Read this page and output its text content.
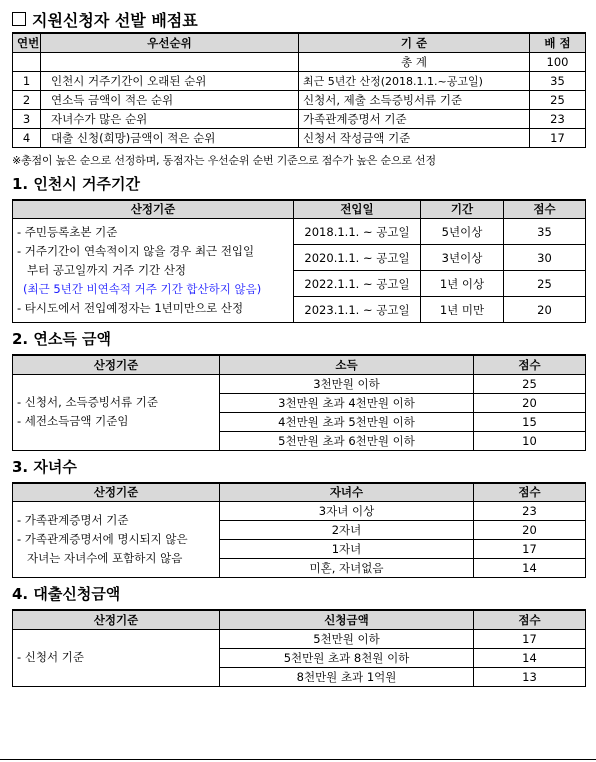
지원신청자 선발 배점표
연번	우선순위	기 준	배 점
		총 계	100
1	인천시 거주기간이 오래된 순위	최근 5년간 산정(2018.1.1.~공고일)	35
2	연소득 금액이 적은 순위	신청서, 제출 소득증빙서류 기준	25
3	자녀수가 많은 순위	가족관계증명서 기준	23
4	대출 신청(희망)금액이 적은 순위	신청서 작성금액 기준	17

※총점이 높은 순으로 선정하며, 동점자는 우선순위 순번 기준으로 점수가 높은 순으로 선정

1. 인천시 거주기간
산정기준	전입일	기간	점수

- 주민등록초본 기준
- 거주기간이 연속적이지 않을 경우 최근 전입일
부터 공고일까지 거주 기간 산정
(최근 5년간 비연속적 거주 기간 합산하지 않음)
- 타시도에서 전입예정자는 1년미만으로 산정	2018.1.1. ~ 공고일	5년이상	35
	2020.1.1. ~ 공고일	3년이상	30
	2022.1.1. ~ 공고일	1년 이상	25
	2023.1.1. ~ 공고일	1년 미만	20
2. 연소득 금액
산정기준	소득	점수

- 신청서, 소득증빙서류 기준
- 세전소득금액 기준임	3천만원 이하	25
	3천만원 초과 4천만원 이하	20
	4천만원 초과 5천만원 이하	15
	5천만원 초과 6천만원 이하	10
3. 자녀수
산정기준	자녀수	점수

- 가족관계증명서 기준
- 가족관계증명서에 명시되지 않은
자녀는 자녀수에 포함하지 않음	3자녀 이상	23
	2자녀	20
	1자녀	17
	미혼, 자녀없음	14
4. 대출신청금액
산정기준	신청금액	점수

- 신청서 기준	5천만원 이하	17
	5천만원 초과 8천원 이하	14
	8천만원 초과 1억원	13
